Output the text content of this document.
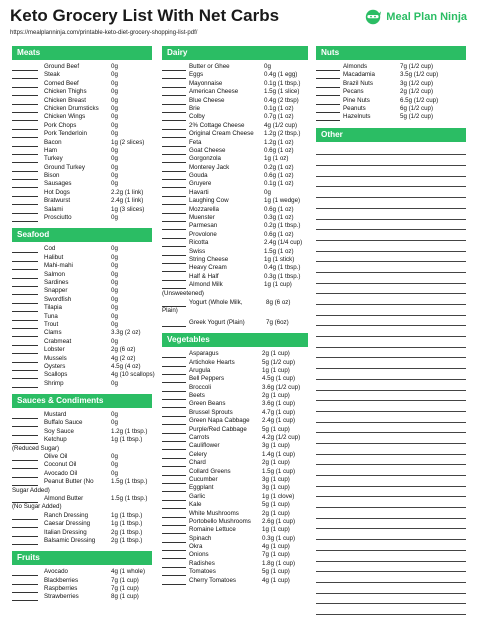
Keto Grocery List With Net Carbs
https://mealplanninja.com/printable-keto-diet-grocery-shopping-list-pdf/
Meal Plan Ninja
Meats
Ground Beef	0g
Steak	0g
Corned Beef	0g
Chicken Thighs	0g
Chicken Breast	0g
Chicken Drumsticks 0g
Chicken Wings	0g
Pork Chops	0g
Pork Tenderloin	0g
Bacon	1g (2 slices)
Ham	0g
Turkey	0g
Ground Turkey	0g
Bison	0g
Sausages	0g
Hot Dogs	2.2g (1 link)
Bratwurst	2.4g (1 link)
Salami	1g (3 slices)
Prosciutto	0g
Seafood
Cod	0g
Halibut	0g
Mahi-mahi	0g
Salmon	0g
Sardines	0g
Snapper	0g
Swordfish	0g
Tilapia	0g
Tuna	0g
Trout	0g
Clams	3.3g (2 oz)
Crabmeat	0g
Lobster	2g (6 oz)
Mussels	4g (2 oz)
Oysters	4.5g (4 oz)
Scallops	4g (10 scallops)
Shrimp	0g
Sauces & Condiments
Mustard	0g
Buffalo Sauce	0g
Soy Sauce	1.2g (1 tbsp.)
Ketchup	1g (1 tbsp.)
(Reduced Sugar)
Olive Oil	0g
Coconut Oil	0g
Avocado Oil	0g
Peanut Butter (No	1.5g (1 tbsp.)
Sugar Added)
Almond Butter	1.5g (1 tbsp.)
(No Sugar Added)
Ranch Dressing	1g (1 tbsp.)
Caesar Dressing	1g (1 tbsp.)
Italian Dressing	2g (1 tbsp.)
Balsamic Dressing	2g (1 tbsp.)
Fruits
Avocado	4g (1 whole)
Blackberries	7g (1 cup)
Raspberries	7g (1 cup)
Strawberries	8g (1 cup)
Dairy
Butter or Ghee	0g
Eggs	0.4g (1 egg)
Mayonnaise	0.1g (1 tbsp.)
American Cheese	1.5g (1 slice)
Blue Cheese	0.4g (2 tbsp)
Brie	0.1g (1 oz)
Colby	0.7g (1 oz)
2% Cottage Cheese	4g (1/2 cup)
Original Cream Cheese 1.2g (2 tbsp.)
Feta	1.2g (1 oz)
Goat Cheese	0.6g (1 oz)
Gorgonzola	1g (1 oz)
Monterey Jack	0.2g (1 oz)
Gouda	0.6g (1 oz)
Gruyere	0.1g (1 oz)
Havarti	0g
Laughing Cow	1g (1 wedge)
Mozzarella	0.6g (1 oz)
Muenster	0.3g (1 oz)
Parmesan	0.2g (1 tbsp.)
Provolone	0.6g (1 oz)
Ricotta	2.4g (1/4 cup)
Swiss	1.5g (1 oz)
String Cheese	1g (1 stick)
Heavy Cream	0.4g (1 tbsp.)
Half & Half	0.3g (1 tbsp.)
Almond Milk	1g (1 cup)
(Unsweetened)
Yogurt (Whole Milk,	8g (6 oz)
Plain)
Greek Yogurt (Plain)	7g (6oz)
Vegetables
Asparagus	2g (1 cup)
Artichoke Hearts	5g (1/2 cup)
Arugula	1g (1 cup)
Bell Peppers	4.5g (1 cup)
Broccoli	3.6g (1/2 cup)
Beets	2g (1 cup)
Green Beans	3.6g (1 cup)
Brussel Sprouts	4.7g (1 cup)
Green Napa Cabbage 2.4g (1 cup)
Purple/Red Cabbage 5g (1 cup)
Carrots	4.2g (1/2 cup)
Cauliflower	3g (1 cup)
Celery	1.4g (1 cup)
Chard	2g (1 cup)
Collard Greens	1.5g (1 cup)
Cucumber	3g (1 cup)
Eggplant	3g (1 cup)
Garlic	1g (1 clove)
Kale	5g (1 cup)
White Mushrooms	2g (1 cup)
Portobello Mushrooms 2.6g (1 cup)
Romaine Lettuce	1g (1 cup)
Spinach	0.3g (1 cup)
Okra	4g (1 cup)
Onions	7g (1 cup)
Radishes	1.8g (1 cup)
Tomatoes	5g (1 cup)
Cherry Tomatoes	4g (1 cup)
Nuts
Almonds	7g (1/2 cup)
Macadamia	3.5g (1/2 cup)
Brazil Nuts	3g (1/2 cup)
Pecans	2g (1/2 cup)
Pine Nuts	6.5g (1/2 cup)
Peanuts	6g (1/2 cup)
Hazelnuts	5g (1/2 cup)
Other
